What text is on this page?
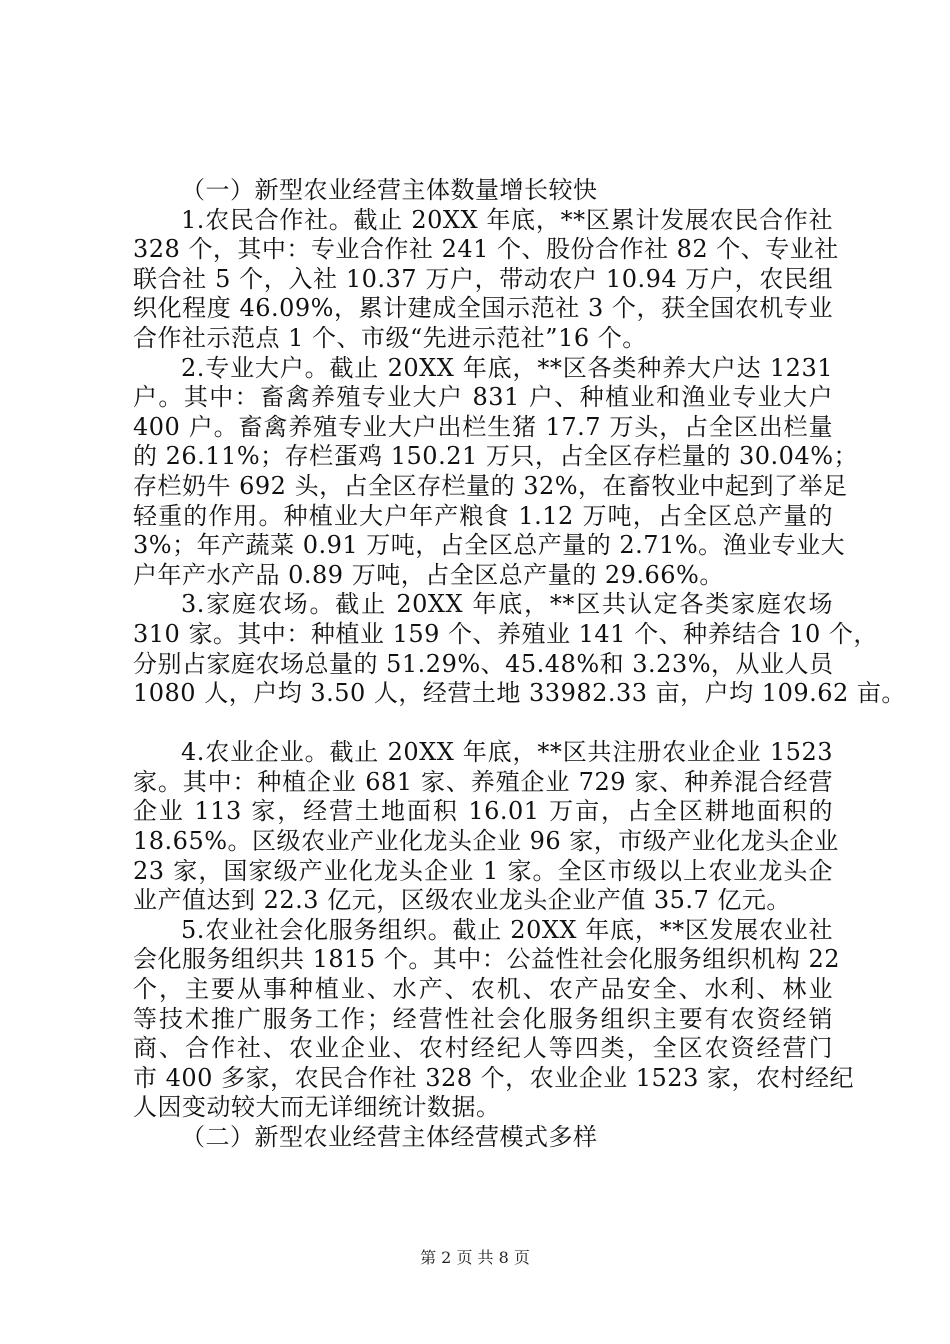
（一）新型农业经营主体数量增长较快
1.农民合作社。截止 20XX 年底，**区累计发展农民合作社
328 个，其中：专业合作社 241 个、股份合作社 82 个、专业社
联合社 5 个，入社 10.37 万户，带动农户 10.94 万户，农民组
织化程度 46.09%，累计建成全国示范社 3 个，获全国农机专业
合作社示范点 1 个、市级“先进示范社”16 个。
2.专业大户。截止 20XX 年底，**区各类种养大户达 1231
户。其中：畜禽养殖专业大户 831 户、种植业和渔业专业大户
400 户。畜禽养殖专业大户出栏生猪 17.7 万头，占全区出栏量
的 26.11%；存栏蛋鸡 150.21 万只，占全区存栏量的 30.04%；
存栏奶牛 692 头，占全区存栏量的 32%，在畜牧业中起到了举足
轻重的作用。种植业大户年产粮食 1.12 万吨，占全区总产量的
3%；年产蔬菜 0.91 万吨，占全区总产量的 2.71%。渔业专业大
户年产水产品 0.89 万吨，占全区总产量的 29.66%。
3.家庭农场。截止 20XX 年底，**区共认定各类家庭农场
310 家。其中：种植业 159 个、养殖业 141 个、种养结合 10 个，
分别占家庭农场总量的 51.29%、45.48%和 3.23%，从业人员
1080 人，户均 3.50 人，经营土地 33982.33 亩，户均 109.62 亩。
4.农业企业。截止 20XX 年底，**区共注册农业企业 1523
家。其中：种植企业 681 家、养殖企业 729 家、种养混合经营
企业 113 家，经营土地面积 16.01 万亩，占全区耕地面积的
18.65%。区级农业产业化龙头企业 96 家，市级产业化龙头企业
23 家，国家级产业化龙头企业 1 家。全区市级以上农业龙头企
业产值达到 22.3 亿元，区级农业龙头企业产值 35.7 亿元。
5.农业社会化服务组织。截止 20XX 年底，**区发展农业社
会化服务组织共 1815 个。其中：公益性社会化服务组织机构 22
个，主要从事种植业、水产、农机、农产品安全、水利、林业
等技术推广服务工作；经营性社会化服务组织主要有农资经销
商、合作社、农业企业、农村经纪人等四类，全区农资经营门
市 400 多家，农民合作社 328 个，农业企业 1523 家，农村经纪
人因变动较大而无详细统计数据。
（二）新型农业经营主体经营模式多样
第 2 页 共 8 页
